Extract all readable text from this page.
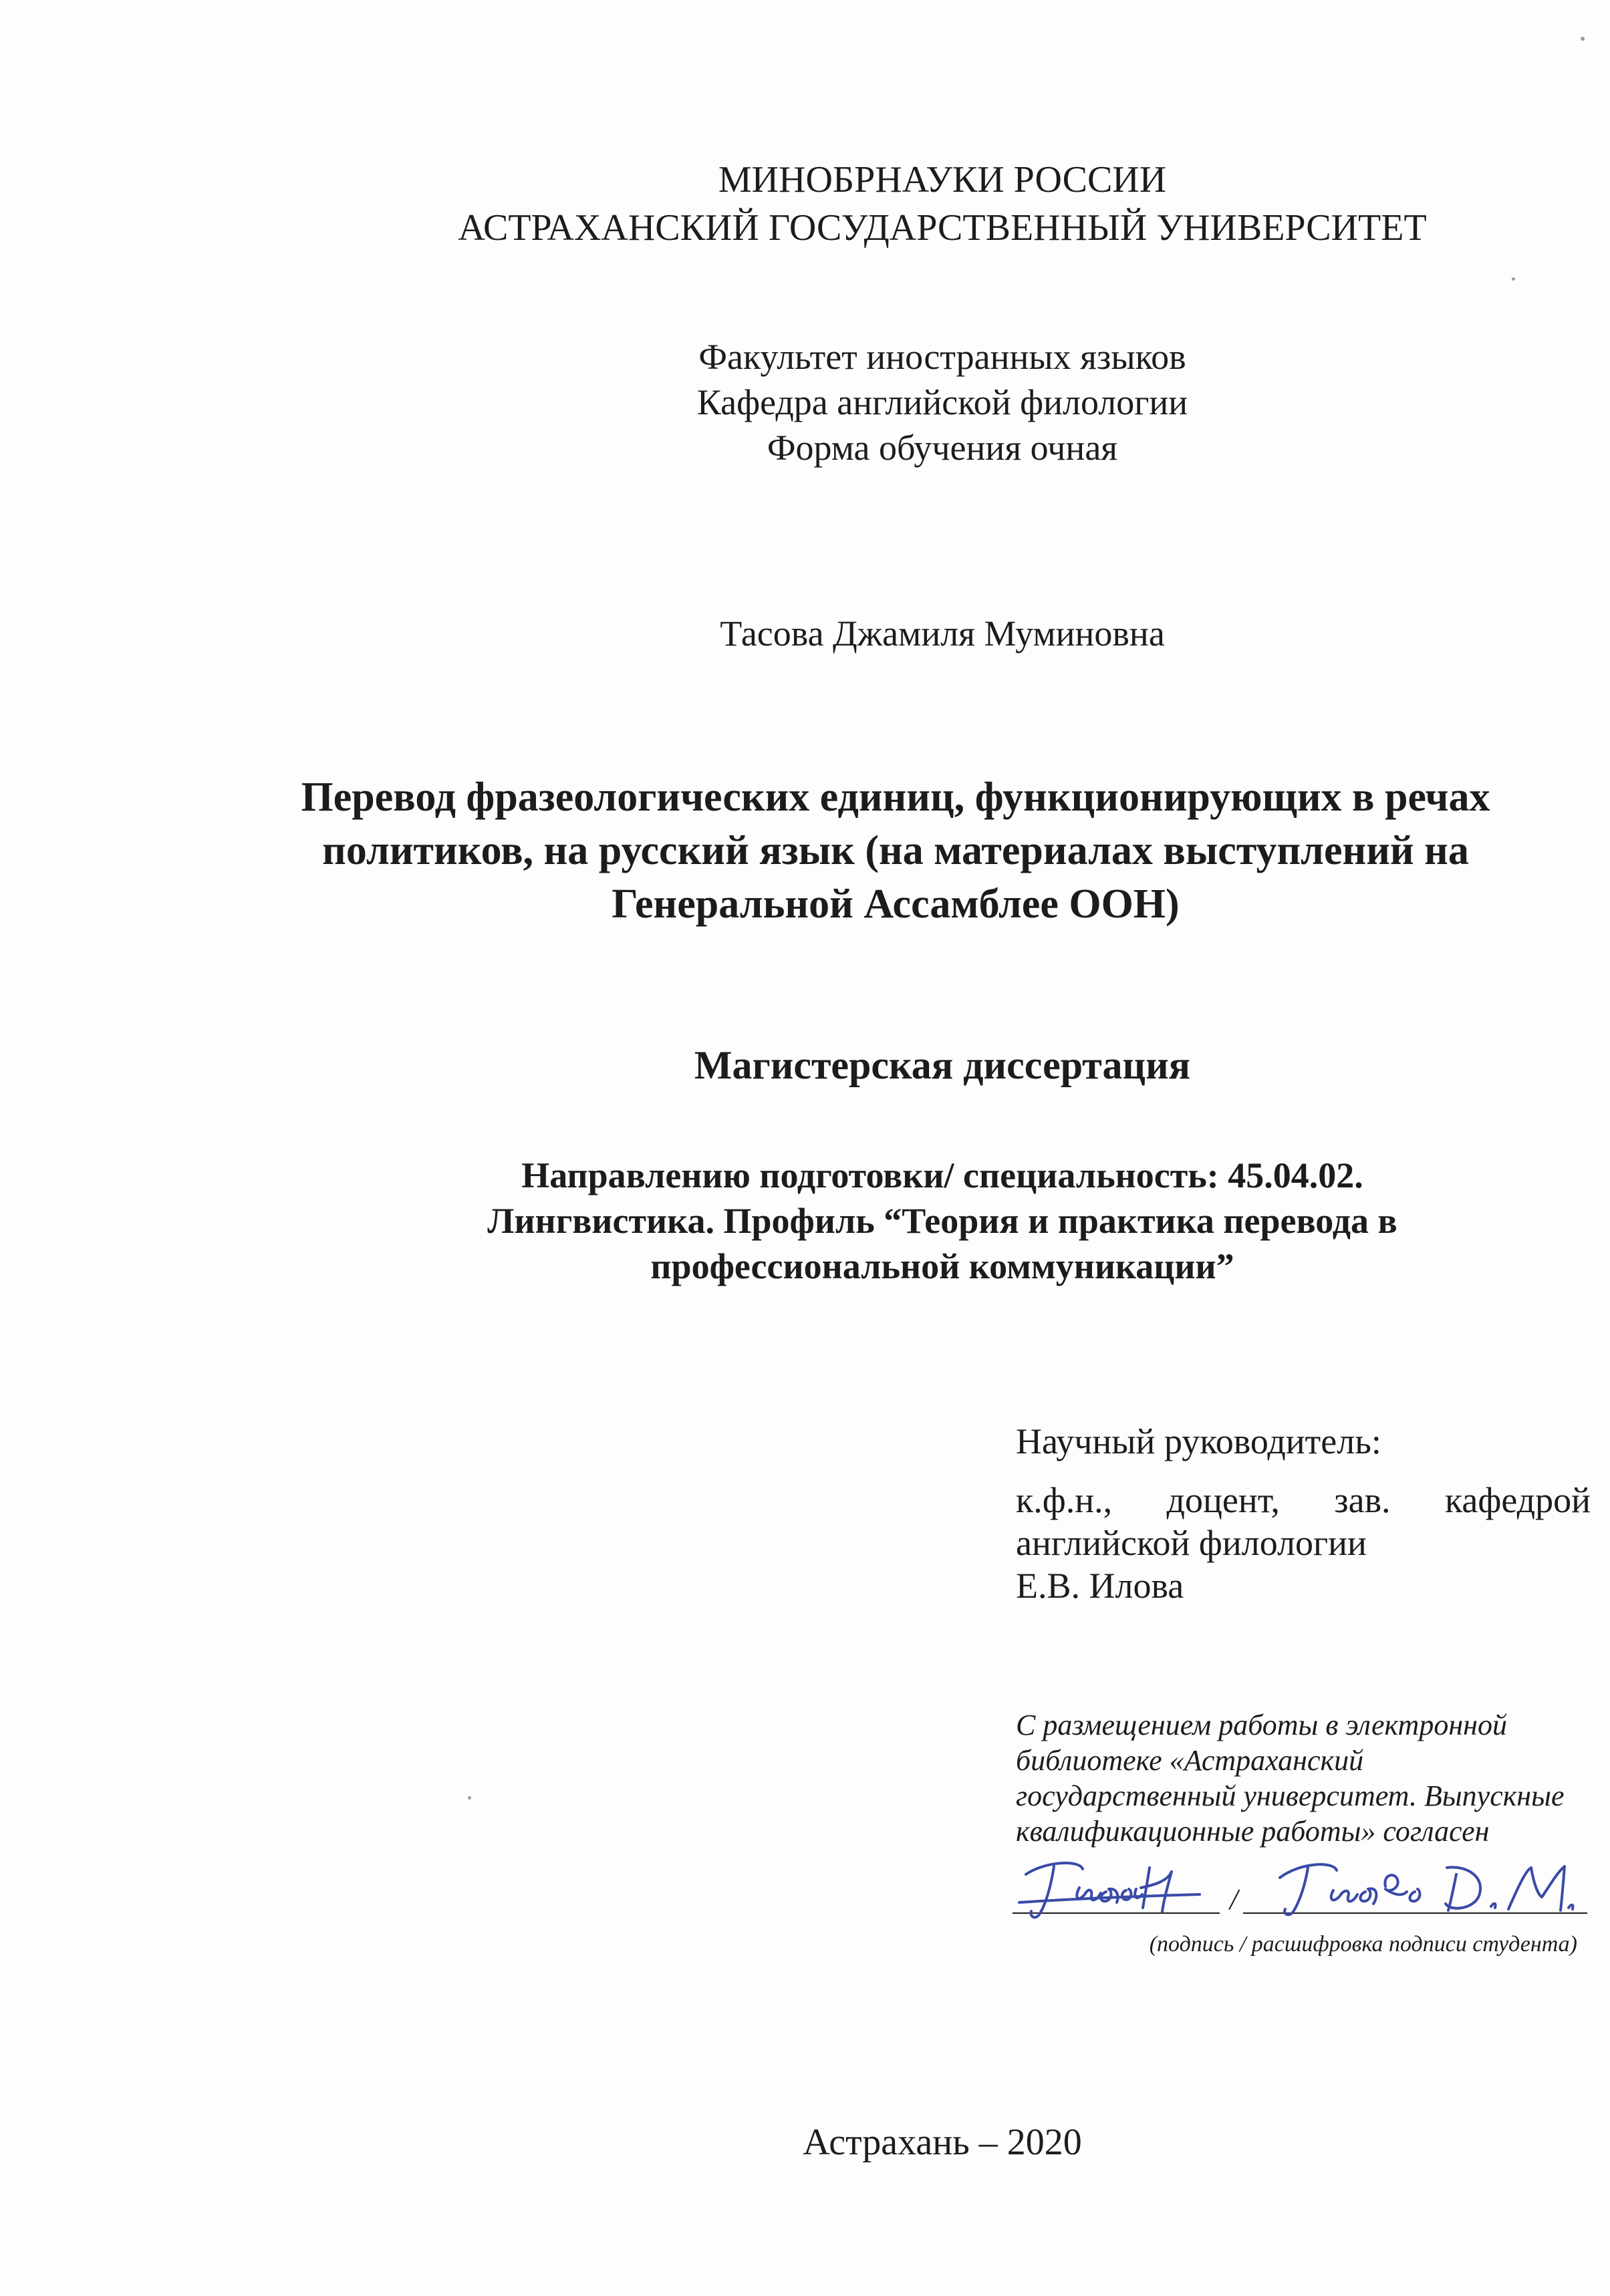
МИНОБРНАУКИ РОССИИ
АСТРАХАНСКИЙ ГОСУДАРСТВЕННЫЙ УНИВЕРСИТЕТ
Факультет иностранных языков
Кафедра английской филологии
Форма обучения очная
Тасова Джамиля Муминовна
Перевод фразеологических единиц, функционирующих в речах
политиков, на русский язык (на материалах выступлений на
Генеральной Ассамблее ООН)
Магистерская диссертация
Направлению подготовки/ специальность: 45.04.02.
Лингвистика. Профиль “Теория и практика перевода в
профессиональной коммуникации”
Научный руководитель:
к.ф.н., доцент, зав. кафедрой
английской филологии
Е.В. Илова
С размещением работы в электронной
библиотеке «Астраханский
государственный университет. Выпускные
квалификационные работы» согласен
/
(подпись / расшифровка подписи студента)
Астрахань – 2020
